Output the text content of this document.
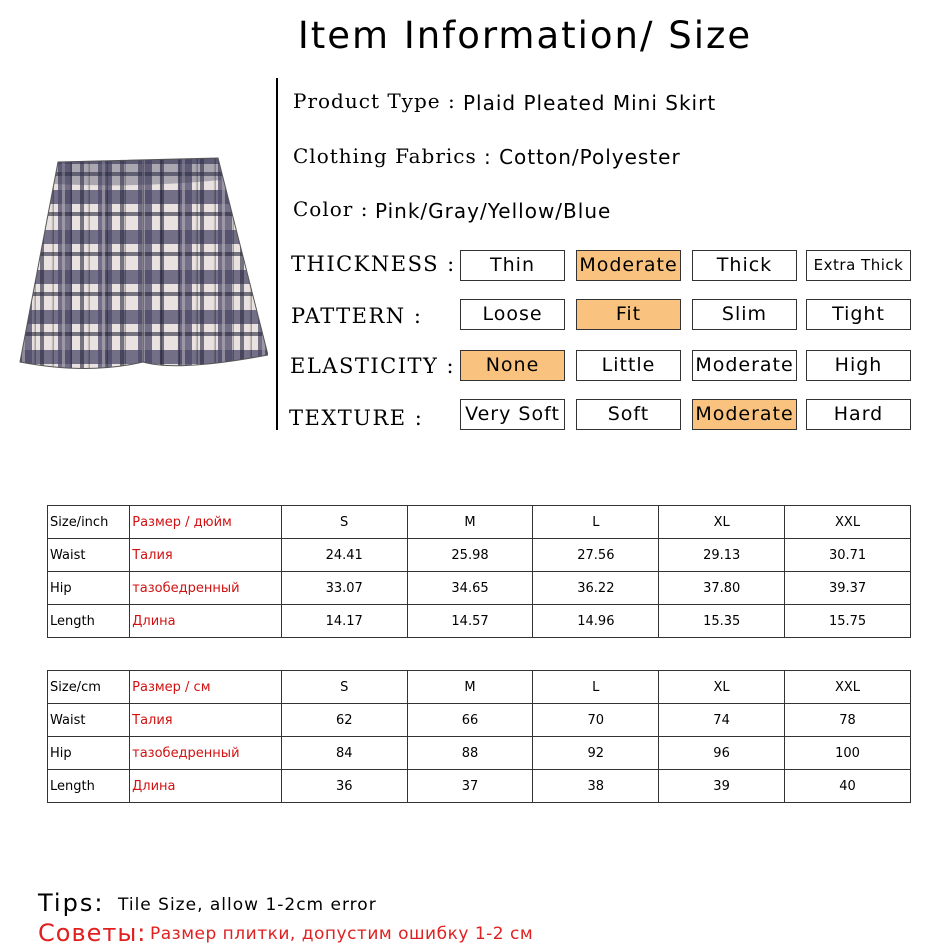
Item Information/ Size
Product Type : Plaid Pleated Mini Skirt
Clothing Fabrics : Cotton/Polyester
Color : Pink/Gray/Yellow/Blue
THICKNESS :	Thin	Moderate	Thick	Extra Thick
PATTERN :	Loose	Fit	Slim	Tight
ELASTICITY :	None	Little	Moderate	High
TEXTURE : Very Soft	Soft	Moderate	Hard
Size/inch	Размер / дюйм	S	M	L	XL	XXL
Waist	Талия	24.41	25.98	27.56	29.13	30.71
Hip	тазобедренный	33.07	34.65	36.22	37.80	39.37
Length	Длина	14.17	14.57	14.96	15.35	15.75
Size/cm	Размер / см	S	M	L	XL	XXL
Waist	Талия	62	66	70	74	78
Hip	тазобедренный	84	88	92	96	100
Length	Длина	36	37	38	39	40
Tips: Tile Size, allow 1-2cm error
Советы: Размер плитки, допустим ошибку 1-2 см
